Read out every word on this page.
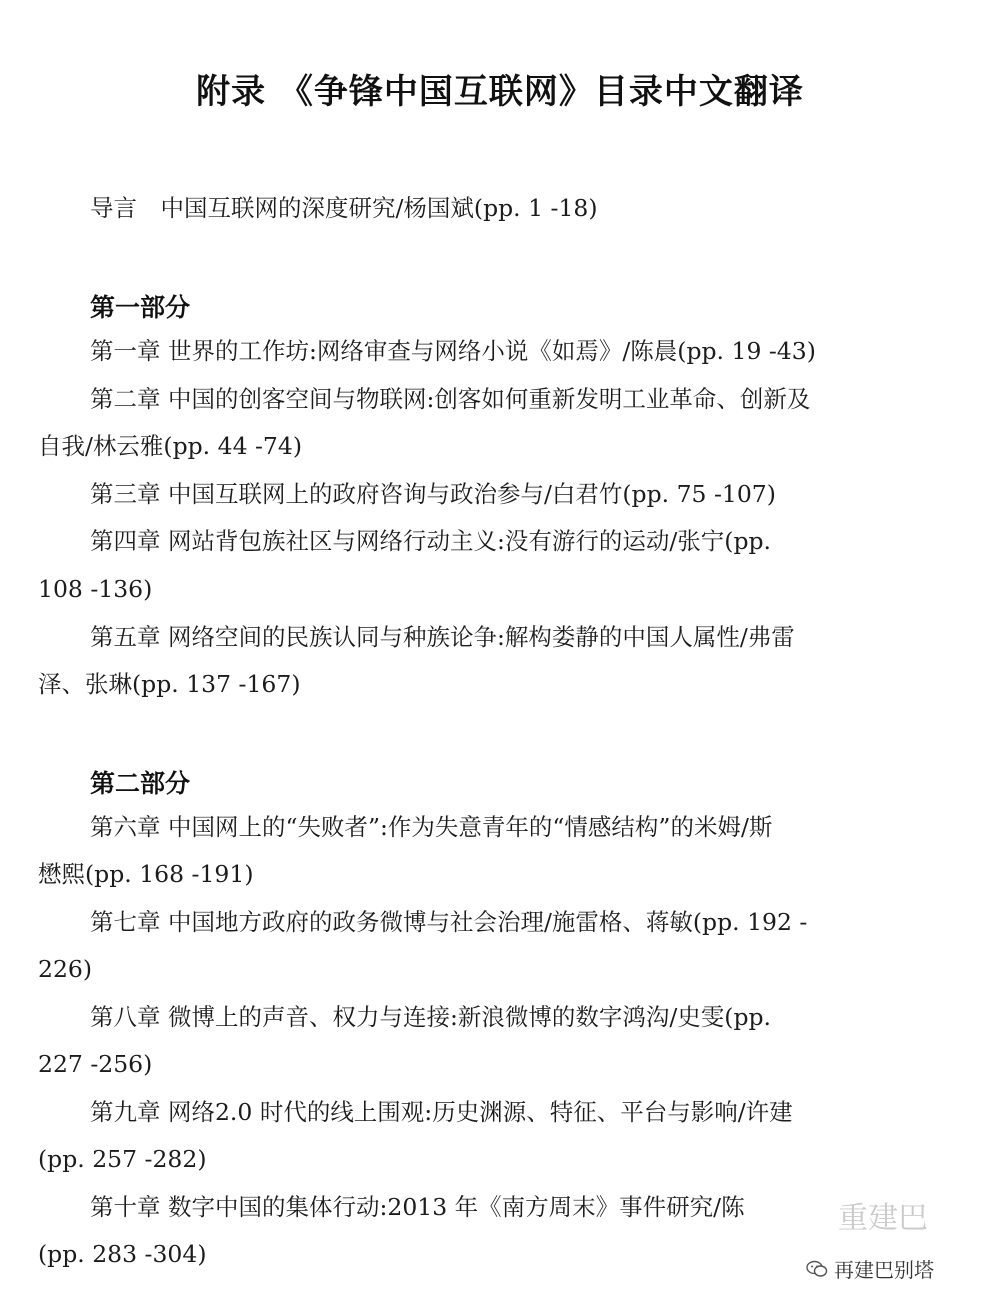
附录 《争锋中国互联网》目录中文翻译
导言　中国互联网的深度研究/杨国斌(pp. 1 -18)
第一部分
第一章 世界的工作坊:网络审查与网络小说《如焉》/陈晨(pp. 19 -43)
第二章 中国的创客空间与物联网:创客如何重新发明工业革命、创新及
自我/林云雅(pp. 44 -74)
第三章 中国互联网上的政府咨询与政治参与/白君竹(pp. 75 -107)
第四章 网站背包族社区与网络行动主义:没有游行的运动/张宁(pp.
108 -136)
第五章 网络空间的民族认同与种族论争:解构娄静的中国人属性/弗雷
泽、张琳(pp. 137 -167)
第二部分
第六章 中国网上的“失败者”:作为失意青年的“情感结构”的米姆/斯
懋熙(pp. 168 -191)
第七章 中国地方政府的政务微博与社会治理/施雷格、蒋敏(pp. 192 -
226)
第八章 微博上的声音、权力与连接:新浪微博的数字鸿沟/史雯(pp.
227 -256)
第九章 网络2.0 时代的线上围观:历史渊源、特征、平台与影响/许建
(pp. 257 -282)
第十章 数字中国的集体行动:2013 年《南方周末》事件研究/陈
(pp. 283 -304)
重建巴
再建巴别塔
